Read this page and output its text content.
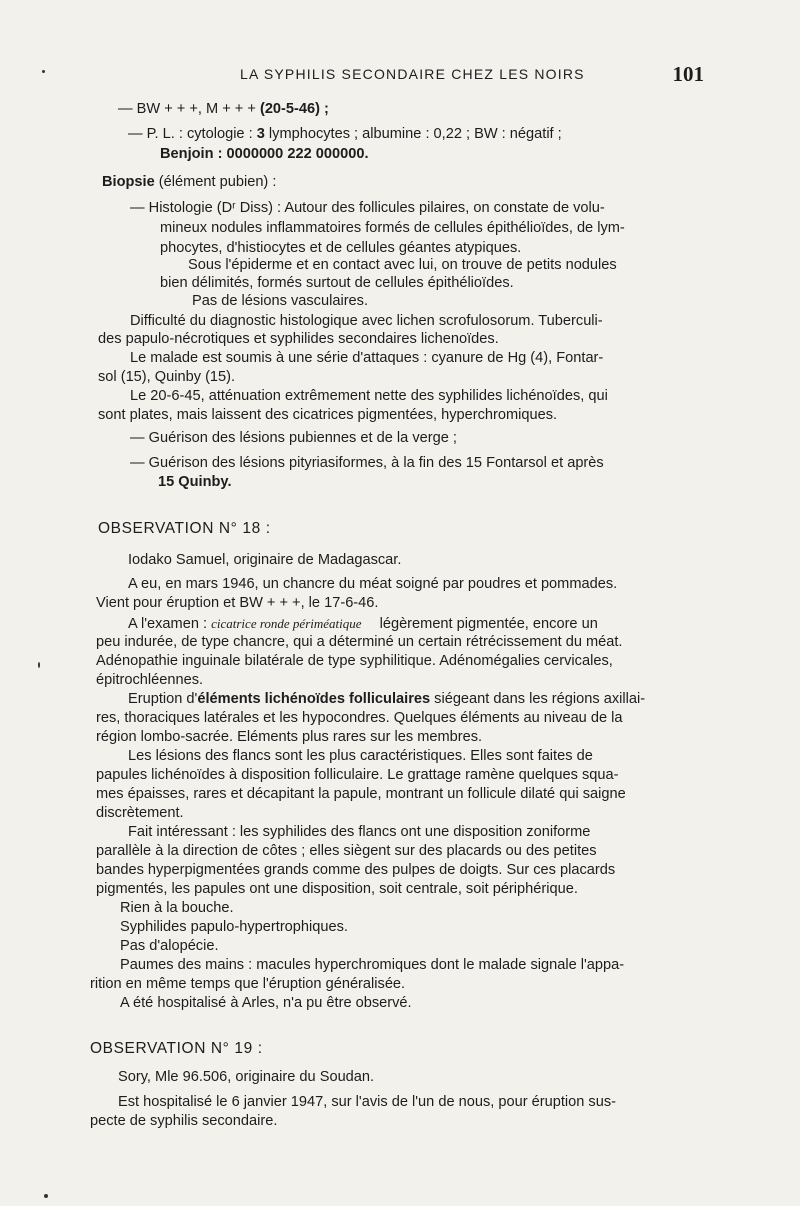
LA SYPHILIS SECONDAIRE CHEZ LES NOIRS	101
— BW + + +, M + + + (20-5-46) ;
— P. L. : cytologie : 3 lymphocytes ; albumine : 0,22 ; BW : négatif ;
Benjoin : 0000000 222 000000.
Biopsie (élément pubien) :
— Histologie (Dʳ Diss) : Autour des follicules pilaires, on constate de volu-
mineux nodules inflammatoires formés de cellules épithélioïdes, de lym-
phocytes, d'histiocytes et de cellules géantes atypiques.
Sous l'épiderme et en contact avec lui, on trouve de petits nodules
bien délimités, formés surtout de cellules épithélioïdes.
Pas de lésions vasculaires.
Difficulté du diagnostic histologique avec lichen scrofulosorum. Tuberculi-
des papulo-nécrotiques et syphilides secondaires lichenoïdes.
Le malade est soumis à une série d'attaques : cyanure de Hg (4), Fontar-
sol (15), Quinby (15).
Le 20-6-45, atténuation extrêmement nette des syphilides lichénoïdes, qui
sont plates, mais laissent des cicatrices pigmentées, hyperchromiques.
— Guérison des lésions pubiennes et de la verge ;
— Guérison des lésions pityriasiformes, à la fin des 15 Fontarsol et après
15 Quinby.
OBSERVATION N° 18 :
Iodako Samuel, originaire de Madagascar.
A eu, en mars 1946, un chancre du méat soigné par poudres et pommades.
Vient pour éruption et BW + + +, le 17-6-46.
A l'examen : cicatrice ronde périméatique légèrement pigmentée, encore un
peu indurée, de type chancre, qui a déterminé un certain rétrécissement du méat.
Adénopathie inguinale bilatérale de type syphilitique. Adénomégalies cervicales,
épitrochléennes.
Eruption d'éléments lichénoïdes folliculaires siégeant dans les régions axillai-
res, thoraciques latérales et les hypocondres. Quelques éléments au niveau de la
région lombo-sacrée. Eléments plus rares sur les membres.
Les lésions des flancs sont les plus caractéristiques. Elles sont faites de
papules lichénoïdes à disposition folliculaire. Le grattage ramène quelques squa-
mes épaisses, rares et décapitant la papule, montrant un follicule dilaté qui saigne
discrètement.
Fait intéressant : les syphilides des flancs ont une disposition zoniforme
parallèle à la direction de côtes ; elles siègent sur des placards ou des petites
bandes hyperpigmentées grands comme des pulpes de doigts. Sur ces placards
pigmentés, les papules ont une disposition, soit centrale, soit périphérique.
Rien à la bouche.
Syphilides papulo-hypertrophiques.
Pas d'alopécie.
Paumes des mains : macules hyperchromiques dont le malade signale l'appa-
rition en même temps que l'éruption généralisée.
A été hospitalisé à Arles, n'a pu être observé.
OBSERVATION N° 19 :
Sory, Mle 96.506, originaire du Soudan.
Est hospitalisé le 6 janvier 1947, sur l'avis de l'un de nous, pour éruption sus-
pecte de syphilis secondaire.
